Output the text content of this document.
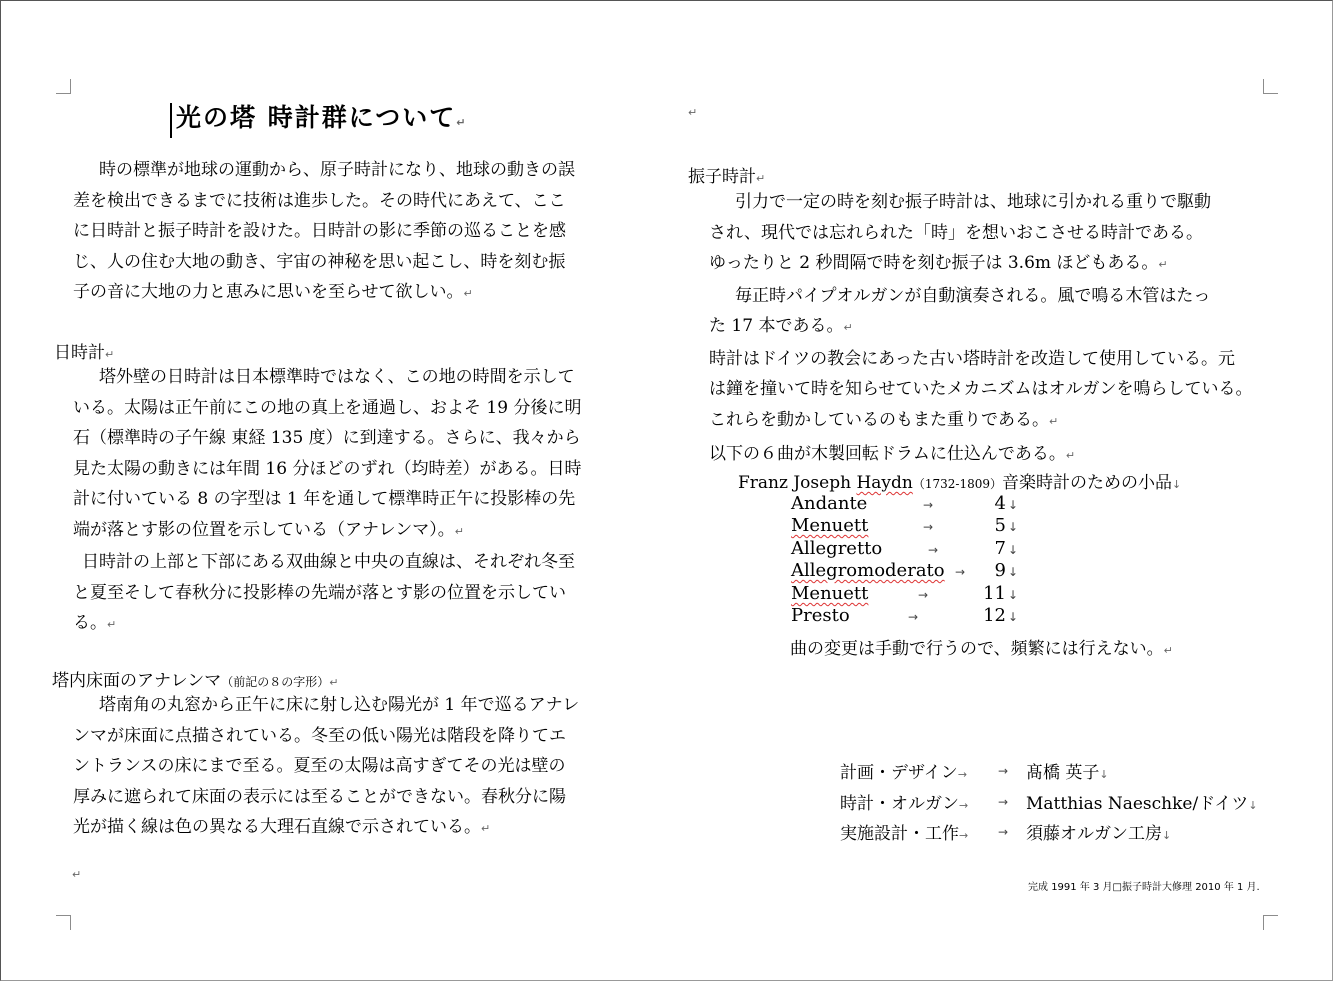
光の塔 時計群について↵
時の標準が地球の運動から、原子時計になり、地球の動きの誤
差を検出できるまでに技術は進歩した。その時代にあえて、ここ
に日時計と振子時計を設けた。日時計の影に季節の巡ることを感
じ、人の住む大地の動き、宇宙の神秘を思い起こし、時を刻む振
子の音に大地の力と恵みに思いを至らせて欲しい。↵
日時計↵
塔外壁の日時計は日本標準時ではなく、この地の時間を示して
いる。太陽は正午前にこの地の真上を通過し、およそ 19 分後に明
石（標準時の子午線 東経 135 度）に到達する。さらに、我々から
見た太陽の動きには年間 16 分ほどのずれ（均時差）がある。日時
計に付いている 8 の字型は 1 年を通して標準時正午に投影棒の先
端が落とす影の位置を示している（アナレンマ）。↵
日時計の上部と下部にある双曲線と中央の直線は、それぞれ冬至
と夏至そして春秋分に投影棒の先端が落とす影の位置を示してい
る。↵
塔内床面のアナレンマ（前記の８の字形）↵
塔南角の丸窓から正午に床に射し込む陽光が 1 年で巡るアナレ
ンマが床面に点描されている。冬至の低い陽光は階段を降りてエ
ントランスの床にまで至る。夏至の太陽は高すぎてその光は壁の
厚みに遮られて床面の表示には至ることができない。春秋分に陽
光が描く線は色の異なる大理石直線で示されている。↵
↵
↵
振子時計↵
引力で一定の時を刻む振子時計は、地球に引かれる重りで駆動
され、現代では忘れられた「時」を想いおこさせる時計である。
ゆったりと 2 秒間隔で時を刻む振子は 3.6m ほどもある。↵
毎正時パイプオルガンが自動演奏される。風で鳴る木管はたっ
た 17 本である。↵
時計はドイツの教会にあった古い塔時計を改造して使用している。元
は鐘を撞いて時を知らせていたメカニズムはオルガンを鳴らしている。
これらを動かしているのもまた重りである。↵
以下の６曲が木製回転ドラムに仕込んである。↵
Franz Joseph Haydn（1732-1809）音楽時計のための小品↓
Andante	→	4 ↓
Menuett	→	5 ↓
Allegretto	→	7 ↓
Allegromoderato →	9 ↓
Menuett	→	11 ↓
Presto	→	12 ↓
曲の変更は手動で行うので、頻繁には行えない。↵
計画・デザイン→	→ 髙橋 英子↓
時計・オルガン→ → Matthias Naeschke/ドイツ↓
実施設計・工作→ → 須藤オルガン工房↓
完成 1991 年 3 月□振子時計大修理 2010 年 1 月.
